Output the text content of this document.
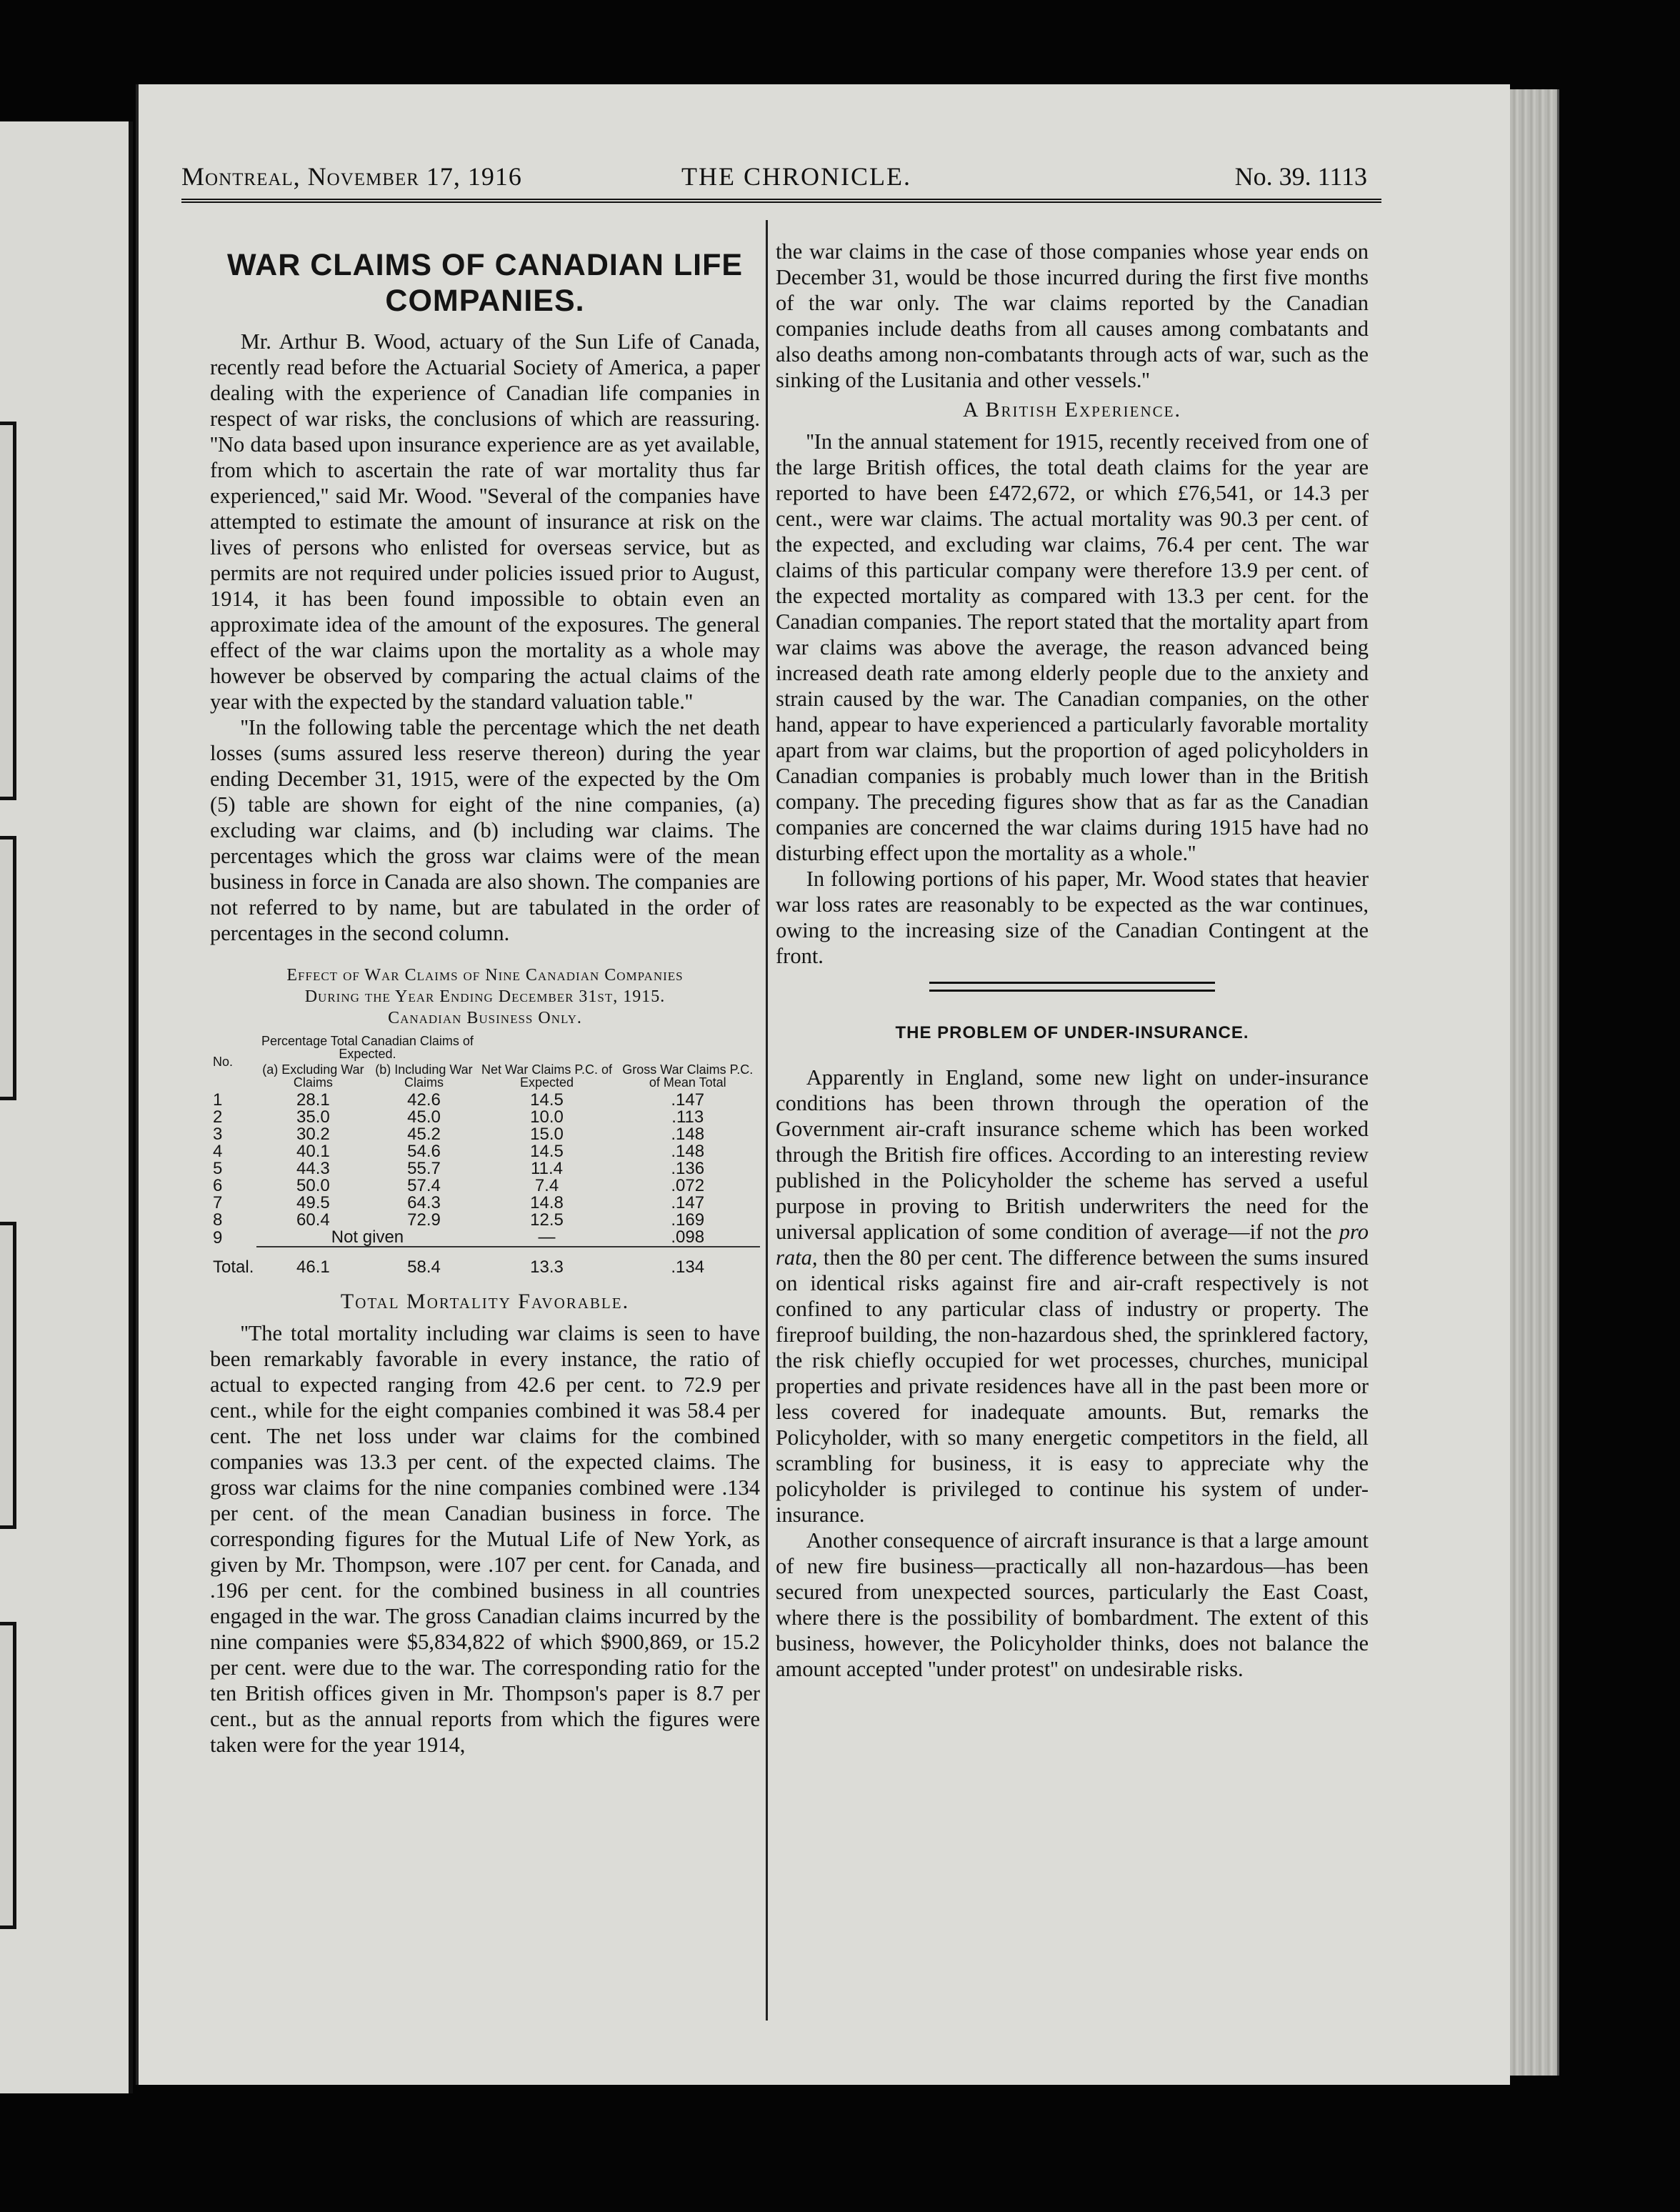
Montreal, November 17, 1916	THE CHRONICLE.	No. 39. 1113
WAR CLAIMS OF CANADIAN LIFE COMPANIES.

Mr. Arthur B. Wood, actuary of the Sun Life of Canada, recently read before the Actuarial Society of America, a paper dealing with the experience of Canadian life companies in respect of war risks, the conclusions of which are reassuring. ''No data based upon insurance experience are as yet available, from which to ascertain the rate of war mortality thus far experienced,'' said Mr. Wood. ''Several of the companies have attempted to estimate the amount of insurance at risk on the lives of persons who enlisted for overseas service, but as permits are not required under policies issued prior to August, 1914, it has been found impossible to obtain even an approximate idea of the amount of the exposures. The general effect of the war claims upon the mortality as a whole may however be observed by comparing the actual claims of the year with the expected by the standard valuation table.''

''In the following table the percentage which the net death losses (sums assured less reserve thereon) during the year ending December 31, 1915, were of the expected by the Om (5) table are shown for eight of the nine companies, (a) excluding war claims, and (b) including war claims. The percentages which the gross war claims were of the mean business in force in Canada are also shown. The companies are not referred to by name, but are tabulated in the order of percentages in the second column.

Effect of War Claims of Nine Canadian Companies
During the Year Ending December 31st, 1915.
Canadian Business Only.
No.	Percentage Total Canadian Claims of Expected.		Net War Claims P.C. of Expected	Gross War Claims P.C. of Mean Total
	(a) Excluding War Claims	(b) Including War Claims		
1	28.1	42.6	14.5	.147
2	35.0	45.0	10.0	.113
3	30.2	45.2	15.0	.148
4	40.1	54.6	14.5	.148
5	44.3	55.7	11.4	.136
6	50.0	57.4	7.4	.072
7	49.5	64.3	14.8	.147
8	60.4	72.9	12.5	.169
9	Not given		—	.098
Total.	46.1	58.4	13.3	.134
Total Mortality Favorable.

''The total mortality including war claims is seen to have been remarkably favorable in every instance, the ratio of actual to expected ranging from 42.6 per cent. to 72.9 per cent., while for the eight companies combined it was 58.4 per cent. The net loss under war claims for the combined companies was 13.3 per cent. of the expected claims. The gross war claims for the nine companies combined were .134 per cent. of the mean Canadian business in force. The corresponding figures for the Mutual Life of New York, as given by Mr. Thompson, were .107 per cent. for Canada, and .196 per cent. for the combined business in all countries engaged in the war. The gross Canadian claims incurred by the nine companies were $5,834,822 of which $900,869, or 15.2 per cent. were due to the war. The corresponding ratio for the ten British offices given in Mr. Thompson's paper is 8.7 per cent., but as the annual reports from which the figures were taken were for the year 1914,

the war claims in the case of those companies whose year ends on December 31, would be those incurred during the first five months of the war only. The war claims reported by the Canadian companies include deaths from all causes among combatants and also deaths among non-combatants through acts of war, such as the sinking of the Lusitania and other vessels.''

A British Experience.

''In the annual statement for 1915, recently received from one of the large British offices, the total death claims for the year are reported to have been £472,672, or which £76,541, or 14.3 per cent., were war claims. The actual mortality was 90.3 per cent. of the expected, and excluding war claims, 76.4 per cent. The war claims of this particular company were therefore 13.9 per cent. of the expected mortality as compared with 13.3 per cent. for the Canadian companies. The report stated that the mortality apart from war claims was above the average, the reason advanced being increased death rate among elderly people due to the anxiety and strain caused by the war. The Canadian companies, on the other hand, appear to have experienced a particularly favorable mortality apart from war claims, but the proportion of aged policyholders in Canadian companies is probably much lower than in the British company. The preceding figures show that as far as the Canadian companies are concerned the war claims during 1915 have had no disturbing effect upon the mortality as a whole.''

In following portions of his paper, Mr. Wood states that heavier war loss rates are reasonably to be expected as the war continues, owing to the increasing size of the Canadian Contingent at the front.

THE PROBLEM OF UNDER-INSURANCE.

Apparently in England, some new light on under-insurance conditions has been thrown through the operation of the Government air-craft insurance scheme which has been worked through the British fire offices. According to an interesting review published in the Policyholder the scheme has served a useful purpose in proving to British underwriters the need for the universal application of some condition of average—if not the pro rata, then the 80 per cent. The difference between the sums insured on identical risks against fire and air-craft respectively is not confined to any particular class of industry or property. The fireproof building, the non-hazardous shed, the sprinklered factory, the risk chiefly occupied for wet processes, churches, municipal properties and private residences have all in the past been more or less covered for inadequate amounts. But, remarks the Policyholder, with so many energetic competitors in the field, all scrambling for business, it is easy to appreciate why the policyholder is privileged to continue his system of under-insurance.

Another consequence of aircraft insurance is that a large amount of new fire business—practically all non-hazardous—has been secured from unexpected sources, particularly the East Coast, where there is the possibility of bombardment. The extent of this business, however, the Policyholder thinks, does not balance the amount accepted ''under protest'' on undesirable risks.
